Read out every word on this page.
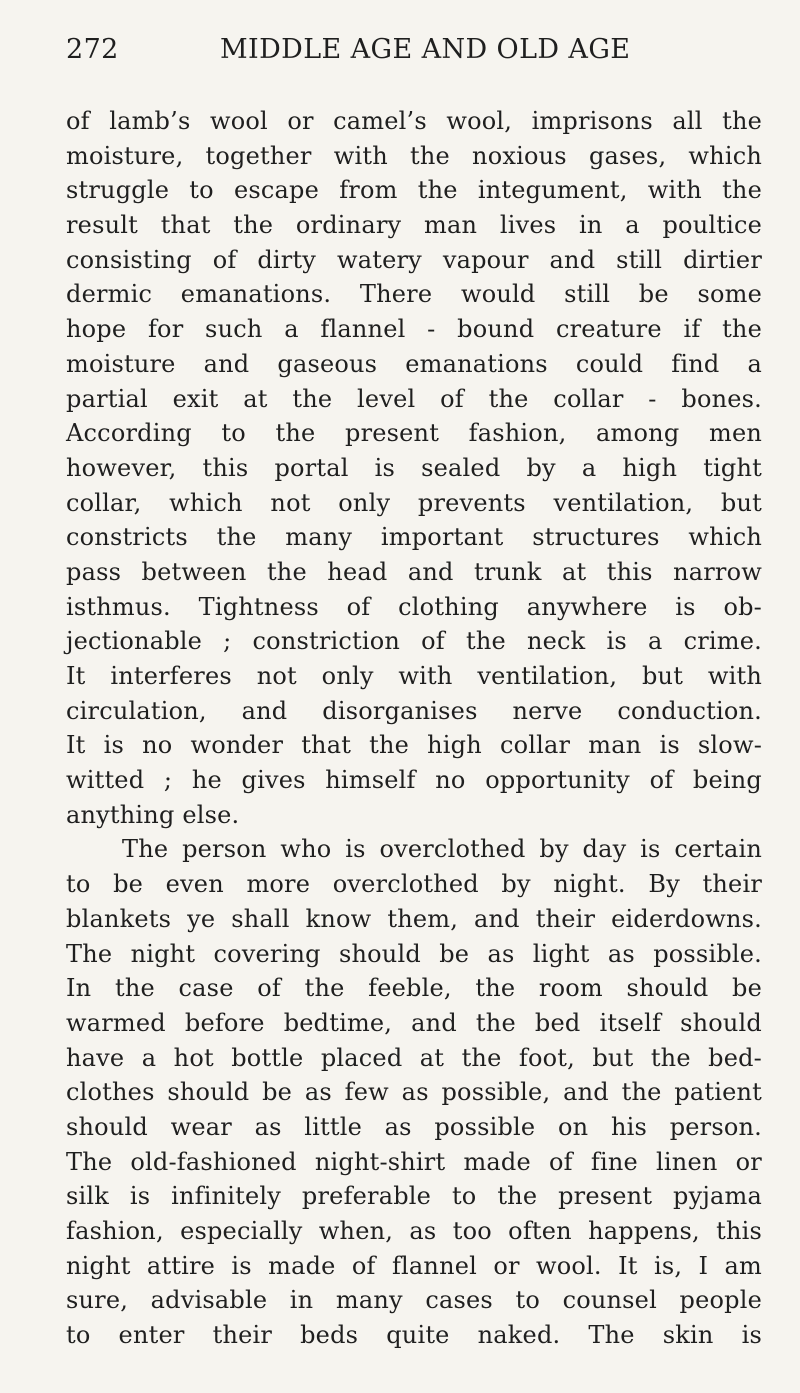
272	MIDDLE AGE AND OLD AGE
of lamb’s wool or camel’s wool, imprisons all the
moisture, together with the noxious gases, which
struggle to escape from the integument, with the
result that the ordinary man lives in a poultice
consisting of dirty watery vapour and still dirtier
dermic emanations. There would still be some
hope for such a flannel - bound creature if the
moisture and gaseous emanations could find a
partial exit at the level of the collar - bones.
According to the present fashion, among men
however, this portal is sealed by a high tight
collar, which not only prevents ventilation, but
constricts the many important structures which
pass between the head and trunk at this narrow
isthmus. Tightness of clothing anywhere is ob-
jectionable ; constriction of the neck is a crime.
It interferes not only with ventilation, but with
circulation, and disorganises nerve conduction.
It is no wonder that the high collar man is slow-
witted ; he gives himself no opportunity of being
anything else.
The person who is overclothed by day is certain
to be even more overclothed by night. By their
blankets ye shall know them, and their eiderdowns.
The night covering should be as light as possible.
In the case of the feeble, the room should be
warmed before bedtime, and the bed itself should
have a hot bottle placed at the foot, but the bed-
clothes should be as few as possible, and the patient
should wear as little as possible on his person.
The old-fashioned night-shirt made of fine linen or
silk is infinitely preferable to the present pyjama
fashion, especially when, as too often happens, this
night attire is made of flannel or wool. It is, I am
sure, advisable in many cases to counsel people
to enter their beds quite naked. The skin is
